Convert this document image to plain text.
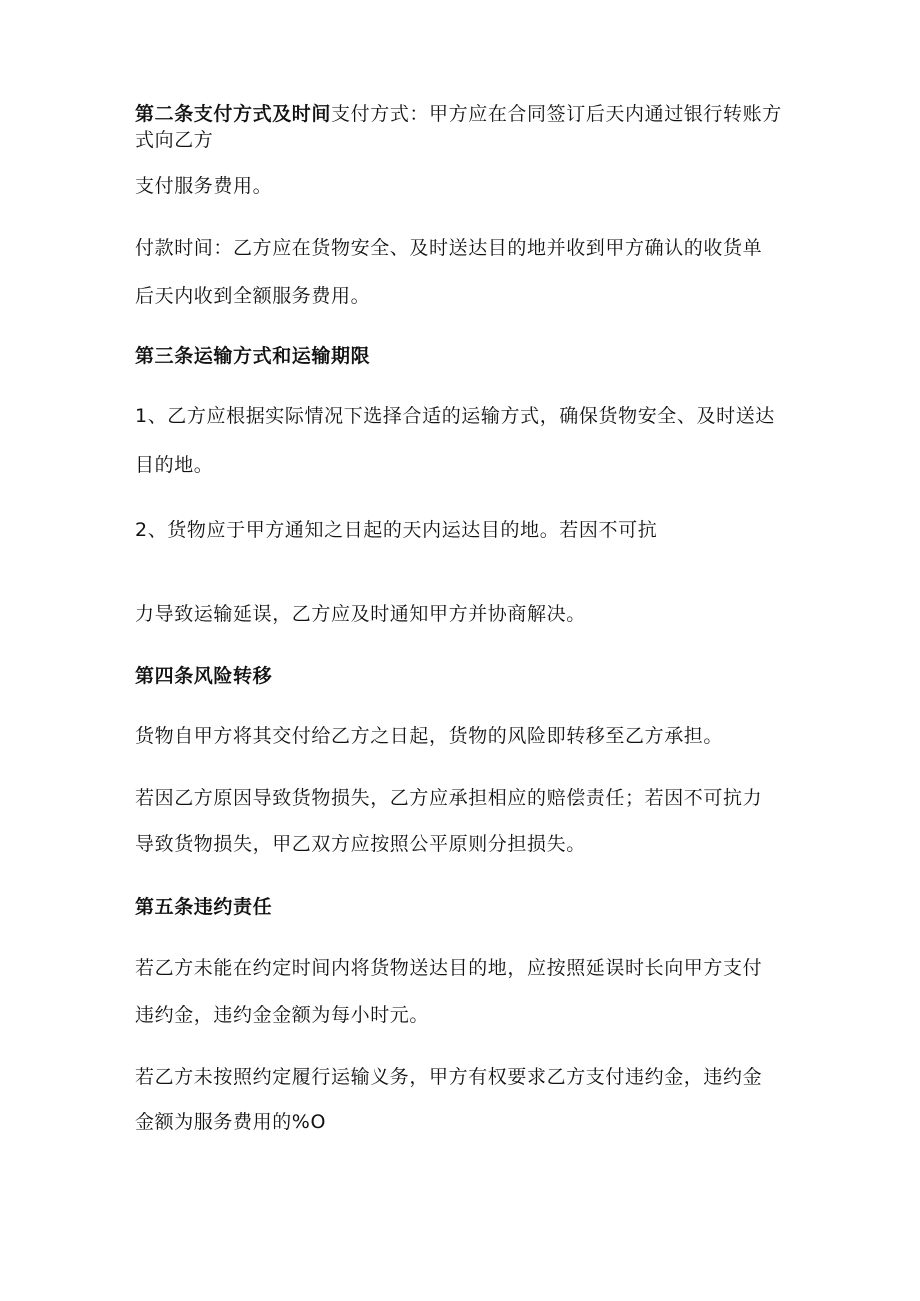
第二条支付方式及时间支付方式：甲方应在合同签订后天内通过银行转账方式向乙方
支付服务费用。
付款时间：乙方应在货物安全、及时送达目的地并收到甲方确认的收货单
后天内收到全额服务费用。
第三条运输方式和运输期限
1、乙方应根据实际情况下选择合适的运输方式，确保货物安全、及时送达
目的地。
2、货物应于甲方通知之日起的天内运达目的地。若因不可抗
力导致运输延误，乙方应及时通知甲方并协商解决。
第四条风险转移
货物自甲方将其交付给乙方之日起，货物的风险即转移至乙方承担。
若因乙方原因导致货物损失，乙方应承担相应的赔偿责任；若因不可抗力
导致货物损失，甲乙双方应按照公平原则分担损失。
第五条违约责任
若乙方未能在约定时间内将货物送达目的地，应按照延误时长向甲方支付
违约金，违约金金额为每小时元。
若乙方未按照约定履行运输义务，甲方有权要求乙方支付违约金，违约金
金额为服务费用的%O
